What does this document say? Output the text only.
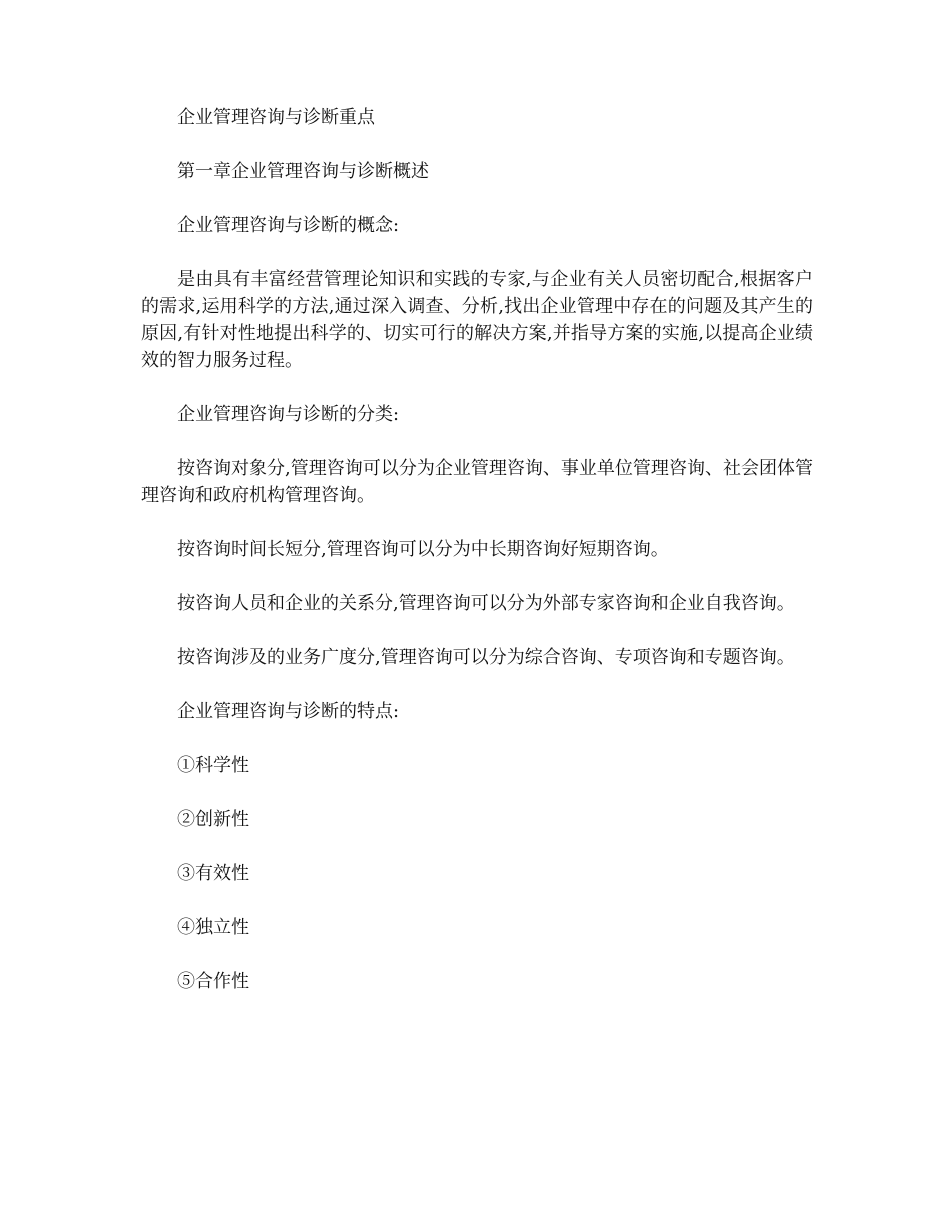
企业管理咨询与诊断重点

第一章企业管理咨询与诊断概述

企业管理咨询与诊断的概念:

是由具有丰富经营管理论知识和实践的专家,与企业有关人员密切配合,根据客户的需求,运用科学的方法,通过深入调查、分析,找出企业管理中存在的问题及其产生的原因,有针对性地提出科学的、切实可行的解决方案,并指导方案的实施,以提高企业绩效的智力服务过程。

企业管理咨询与诊断的分类:

按咨询对象分,管理咨询可以分为企业管理咨询、事业单位管理咨询、社会团体管理咨询和政府机构管理咨询。

按咨询时间长短分,管理咨询可以分为中长期咨询好短期咨询。

按咨询人员和企业的关系分,管理咨询可以分为外部专家咨询和企业自我咨询。

按咨询涉及的业务广度分,管理咨询可以分为综合咨询、专项咨询和专题咨询。

企业管理咨询与诊断的特点:

①科学性

②创新性

③有效性

④独立性

⑤合作性
